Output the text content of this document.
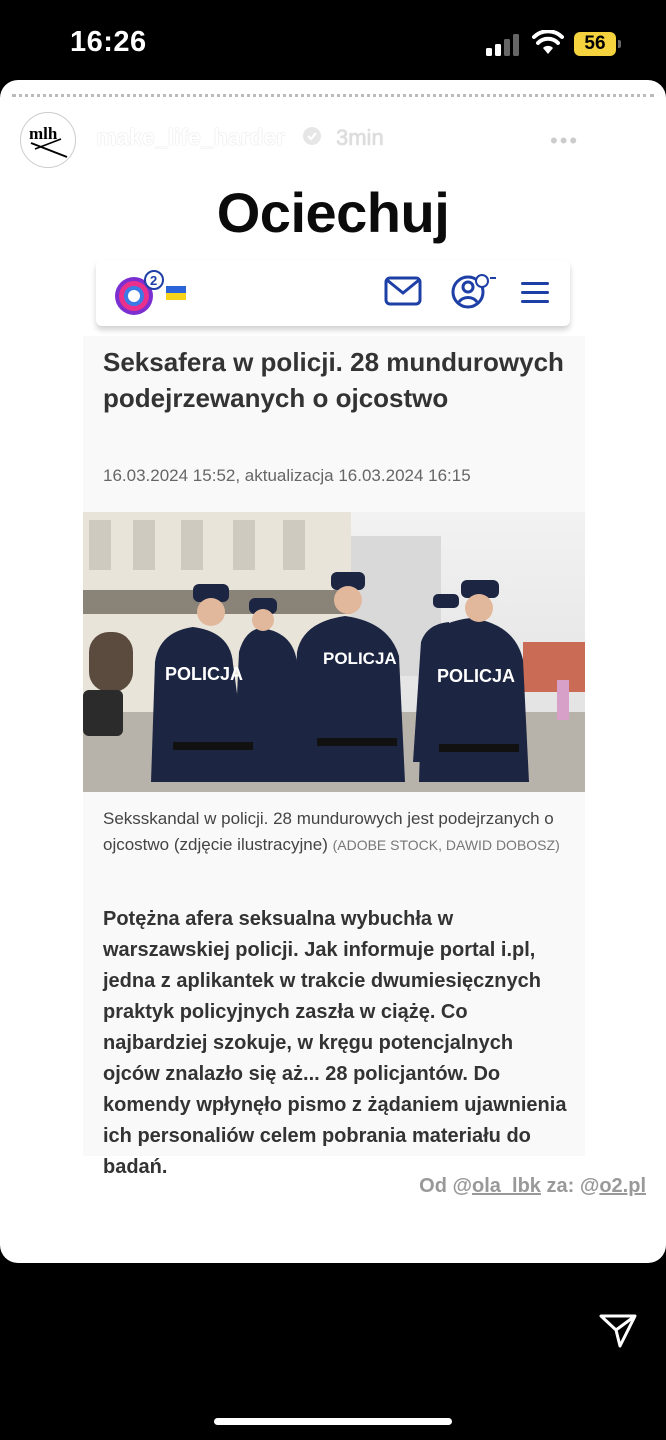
16:26	56
mlh make_life_harder 3min	•••
Ociechuj
2
Seksafera w policji. 28 mundurowych podejrzewanych o ojcostwo
16.03.2024 15:52, aktualizacja 16.03.2024 16:15
POLICJA
POLICJA
POLICJA
Seksskandal w policji. 28 mundurowych jest podejrzanych o ojcostwo (zdjęcie ilustracyjne) (ADOBE STOCK, DAWID DOBOSZ)
Potężna afera seksualna wybuchła w warszawskiej policji. Jak informuje portal i.pl, jedna z aplikantek w trakcie dwumiesięcznych praktyk policyjnych zaszła w ciążę. Co najbardziej szokuje, w kręgu potencjalnych ojców znalazło się aż... 28 policjantów. Do komendy wpłynęło pismo z żądaniem ujawnienia ich personaliów celem pobrania materiału do badań.
Od @ola_lbk za: @o2.pl
